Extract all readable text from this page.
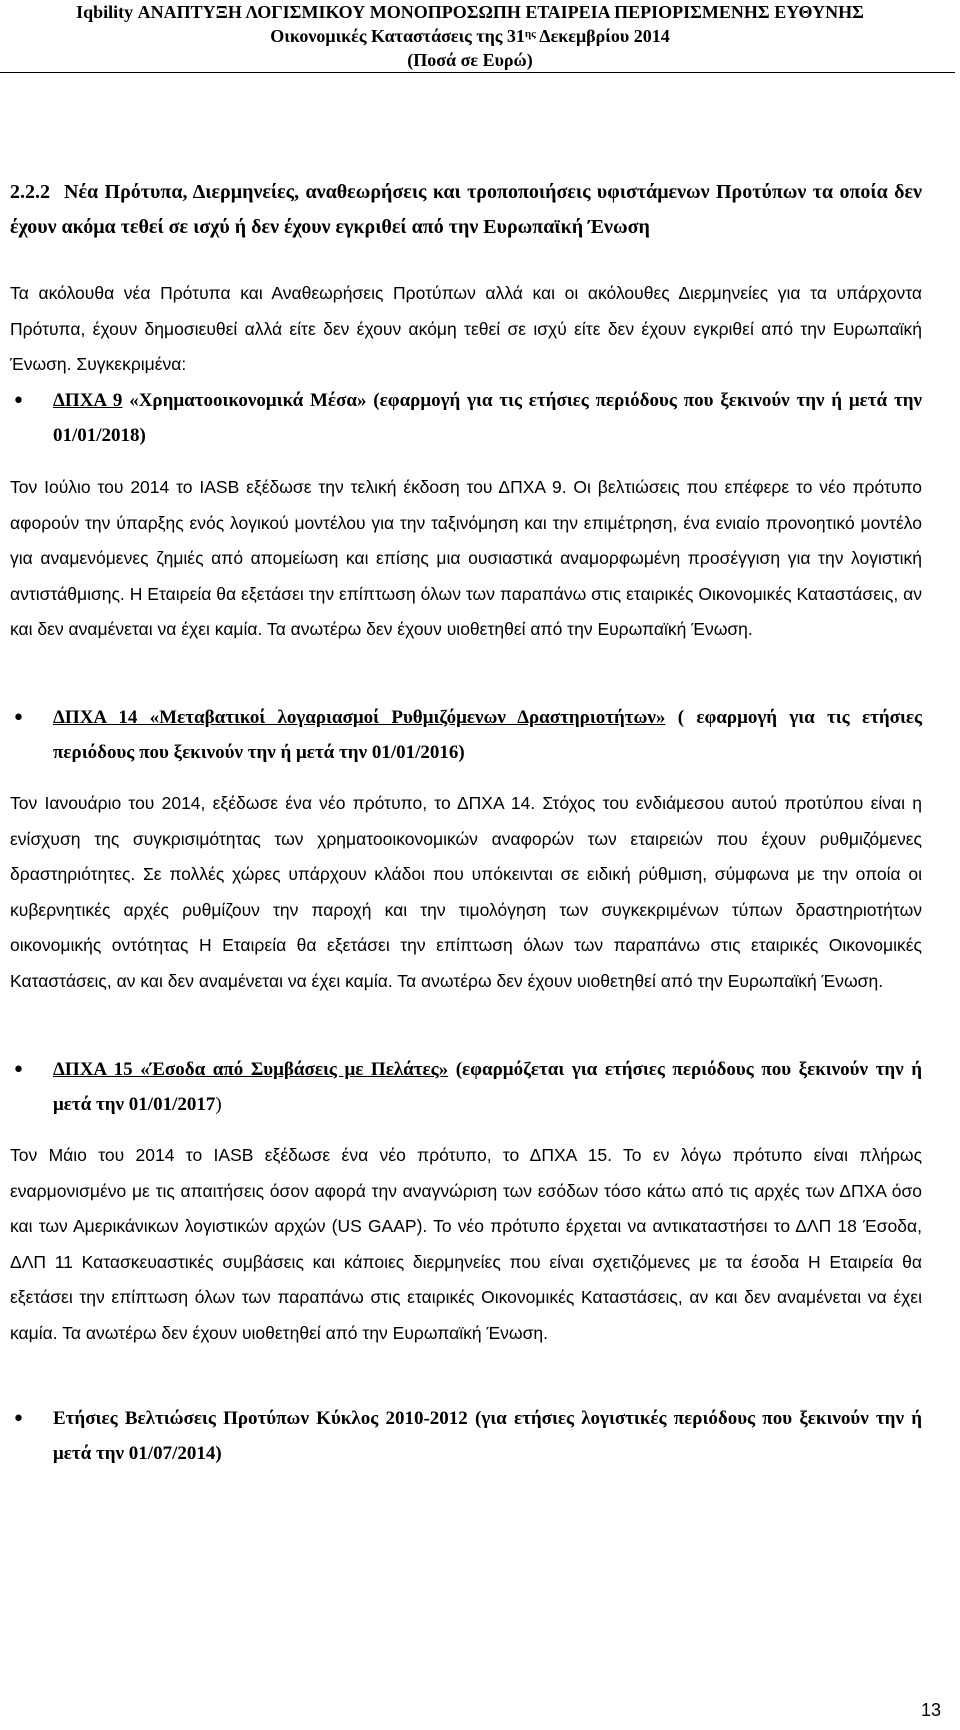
Iqbility ΑΝΑΠΤΥΞΗ ΛΟΓΙΣΜΙΚΟΥ ΜΟΝΟΠΡΟΣΩΠΗ ΕΤΑΙΡΕΙΑ ΠΕΡΙΟΡΙΣΜΕΝΗΣ ΕΥΘΥΝΗΣ
Οικονομικές Καταστάσεις της $31^{\eta\varsigma}$ Δεκεμβρίου 2014
(Ποσά σε Ευρώ)

2.2.2 Νέα Πρότυπα, Διερμηνείες, αναθεωρήσεις και τροποποιήσεις υφιστάμενων Προτύπων τα οποία δεν έχουν ακόμα τεθεί σε ισχύ ή δεν έχουν εγκριθεί από την Ευρωπαϊκή Ένωση

Τα ακόλουθα νέα Πρότυπα και Αναθεωρήσεις Προτύπων αλλά και οι ακόλουθες Διερμηνείες για τα υπάρχοντα Πρότυπα, έχουν δημοσιευθεί αλλά είτε δεν έχουν ακόμη τεθεί σε ισχύ είτε δεν έχουν εγκριθεί από την Ευρωπαϊκή Ένωση. Συγκεκριμένα:

• ΔΠΧΑ 9 «Χρηματοοικονομικά Μέσα» (εφαρμογή για τις ετήσιες περιόδους που ξεκινούν την ή μετά την 01/01/2018)

Τον Ιούλιο του 2014 το IASB εξέδωσε την τελική έκδοση του ΔΠΧΑ 9. Οι βελτιώσεις που επέφερε το νέο πρότυπο αφορούν την ύπαρξης ενός λογικού μοντέλου για την ταξινόμηση και την επιμέτρηση, ένα ενιαίο προνοητικό μοντέλο για αναμενόμενες ζημιές από απομείωση και επίσης μια ουσιαστικά αναμορφωμένη προσέγγιση για την λογιστική αντιστάθμισης. Η Εταιρεία θα εξετάσει την επίπτωση όλων των παραπάνω στις εταιρικές Οικονομικές Καταστάσεις, αν και δεν αναμένεται να έχει καμία. Τα ανωτέρω δεν έχουν υιοθετηθεί από την Ευρωπαϊκή Ένωση.

• ΔΠΧΑ 14 «Μεταβατικοί λογαριασμοί Ρυθμιζόμενων Δραστηριοτήτων» ( εφαρμογή για τις ετήσιες περιόδους που ξεκινούν την ή μετά την 01/01/2016)

Τον Ιανουάριο του 2014, εξέδωσε ένα νέο πρότυπο, το ΔΠΧΑ 14. Στόχος του ενδιάμεσου αυτού προτύπου είναι η ενίσχυση της συγκρισιμότητας των χρηματοοικονομικών αναφορών των εταιρειών που έχουν ρυθμιζόμενες δραστηριότητες. Σε πολλές χώρες υπάρχουν κλάδοι που υπόκεινται σε ειδική ρύθμιση, σύμφωνα με την οποία οι κυβερνητικές αρχές ρυθμίζουν την παροχή και την τιμολόγηση των συγκεκριμένων τύπων δραστηριοτήτων οικονομικής οντότητας Η Εταιρεία θα εξετάσει την επίπτωση όλων των παραπάνω στις εταιρικές Οικονομικές Καταστάσεις, αν και δεν αναμένεται να έχει καμία. Τα ανωτέρω δεν έχουν υιοθετηθεί από την Ευρωπαϊκή Ένωση.

• ΔΠΧΑ 15 «Έσοδα από Συμβάσεις με Πελάτες» (εφαρμόζεται για ετήσιες περιόδους που ξεκινούν την ή μετά την 01/01/2017)

Τον Μάιο του 2014 το IASB εξέδωσε ένα νέο πρότυπο, το ΔΠΧΑ 15. Το εν λόγω πρότυπο είναι πλήρως εναρμονισμένο με τις απαιτήσεις όσον αφορά την αναγνώριση των εσόδων τόσο κάτω από τις αρχές των ΔΠΧΑ όσο και των Αμερικάνικων λογιστικών αρχών (US GAAP). Το νέο πρότυπο έρχεται να αντικαταστήσει το ΔΛΠ 18 Έσοδα, ΔΛΠ 11 Κατασκευαστικές συμβάσεις και κάποιες διερμηνείες που είναι σχετιζόμενες με τα έσοδα Η Εταιρεία θα εξετάσει την επίπτωση όλων των παραπάνω στις εταιρικές Οικονομικές Καταστάσεις, αν και δεν αναμένεται να έχει καμία. Τα ανωτέρω δεν έχουν υιοθετηθεί από την Ευρωπαϊκή Ένωση.

• Ετήσιες Βελτιώσεις Προτύπων Κύκλος 2010-2012 (για ετήσιες λογιστικές περιόδους που ξεκινούν την ή μετά την 01/07/2014)

13
